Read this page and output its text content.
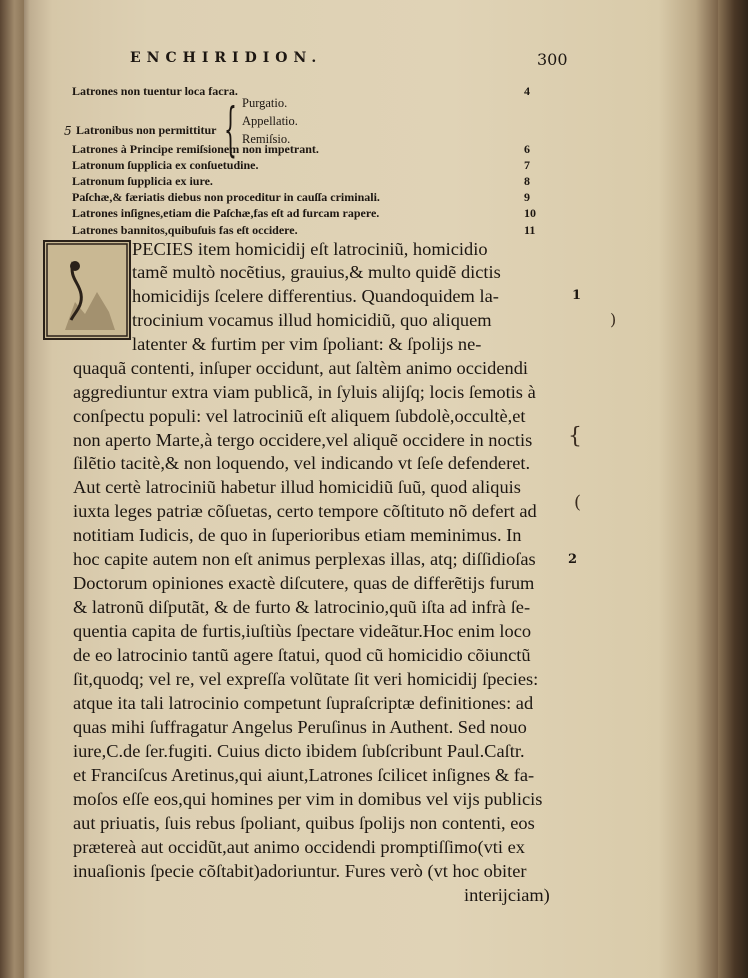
ENCHIRIDION.	300
Latrones non tuentur loca facra.	4
5 Latronibus non permittitur { Purgatio.
Appellatio.
Remiſsio.
Latrones à Principe remiſsionem non impetrant.	6
Latronum ſupplicia ex conſuetudine.	7
Latronum ſupplicia ex iure.	8
Paſchæ,& færiatis diebus non proceditur in cauſſa criminali.	9
Latrones inſignes,etiam die Paſchæ,fas eſt ad furcam rapere.	10
Latrones bannitos,quibuſuis fas eſt occidere.	11
PECIES item homicidij eſt latrociniũ, homicidio
tamẽ multò nocẽtius, grauius,& multo quidẽ dictis
homicidijs ſcelere differentius. Quandoquidem la-
trocinium vocamus illud homicidiũ, quo aliquem
latenter & furtim per vim ſpoliant: & ſpolijs ne-
quaquã contenti, inſuper occidunt, aut ſaltèm animo occidendi
aggrediuntur extra viam publicã, in ſyluis alijſq; locis ſemotis à
conſpectu populi: vel latrociniũ eſt aliquem ſubdolè,occultè,et
non aperto Marte,à tergo occidere,vel aliquẽ occidere in noctis
ſilẽtio tacitè,& non loquendo, vel indicando vt ſeſe defenderet.
Aut certè latrociniũ habetur illud homicidiũ ſuũ, quod aliquis
iuxta leges patriæ cõſuetas, certo tempore cõſtituto nõ defert ad
notitiam Iudicis, de quo in ſuperioribus etiam meminimus. In
hoc capite autem non eſt animus perplexas illas, atq; diſſidioſas
Doctorum opiniones exactè diſcutere, quas de differẽtijs furum
& latronũ diſputãt, & de furto & latrocinio,quũ iſta ad infrà ſe-
quentia capita de furtis,iuſtiùs ſpectare videãtur.Hoc enim loco
de eo latrocinio tantũ agere ſtatui, quod cũ homicidio cõiunctũ
ſit,quodq; vel re, vel expreſſa volũtate ſit veri homicidij ſpecies:
atque ita tali latrocinio competunt ſupraſcriptæ definitiones: ad
quas mihi ſuffragatur Angelus Peruſinus in Authent. Sed nouo
iure,C.de ſer.fugiti. Cuius dicto ibidem ſubſcribunt Paul.Caſtr.
et Franciſcus Aretinus,qui aiunt,Latrones ſcilicet inſignes & fa-
moſos eſſe eos,qui homines per vim in domibus vel vijs publicis
aut priuatis, ſuis rebus ſpoliant, quibus ſpolijs non contenti, eos
prætereà aut occidũt,aut animo occidendi promptiſſimo(vti ex
inuaſionis ſpecie cõſtabit)adoriuntur. Fures verò (vt hoc obiter
interijciam)
1
2
)
{
(
